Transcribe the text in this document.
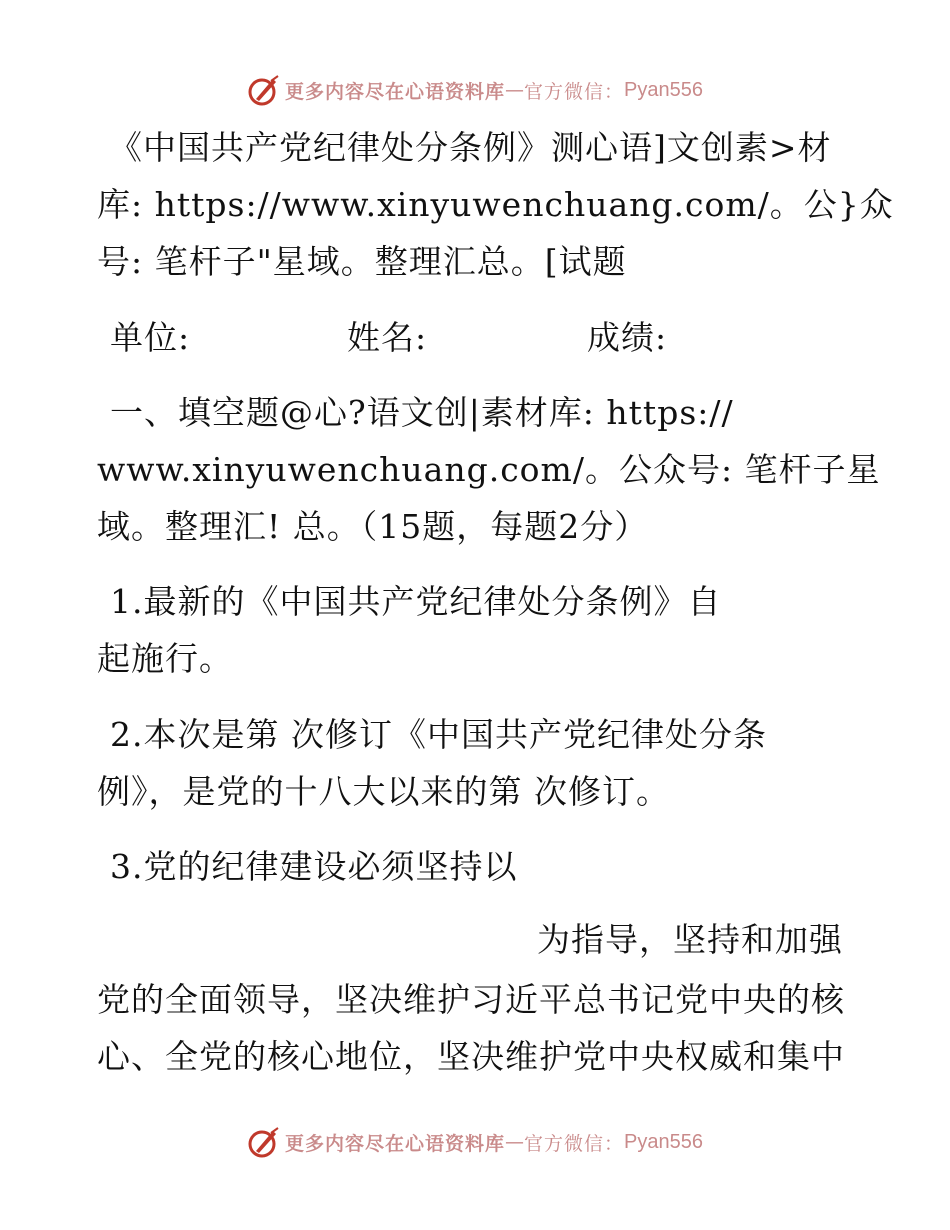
更多内容尽在心语资料库 — 官方微信： Pyan556
《中国共产党纪律处分条例》测心语]文创素>材
库: https://www.xinyuwenchuang.com/。公}众
号: 笔杆子"星域。整理汇总。[试题
单位:	姓名:	成绩:
一、填空题@心?语文创|素材库: https://
www.xinyuwenchuang.com/。公众号: 笔杆子星
域。整理汇! 总。（15题，每题2分）
1.最新的《中国共产党纪律处分条例》自
起施行。
2.本次是第 次修订《中国共产党纪律处分条
例》，是党的十八大以来的第 次修订。
3.党的纪律建设必须坚持以
为指导，坚持和加强
党的全面领导，坚决维护习近平总书记党中央的核
心、全党的核心地位，坚决维护党中央权威和集中
更多内容尽在心语资料库 — 官方微信： Pyan556
